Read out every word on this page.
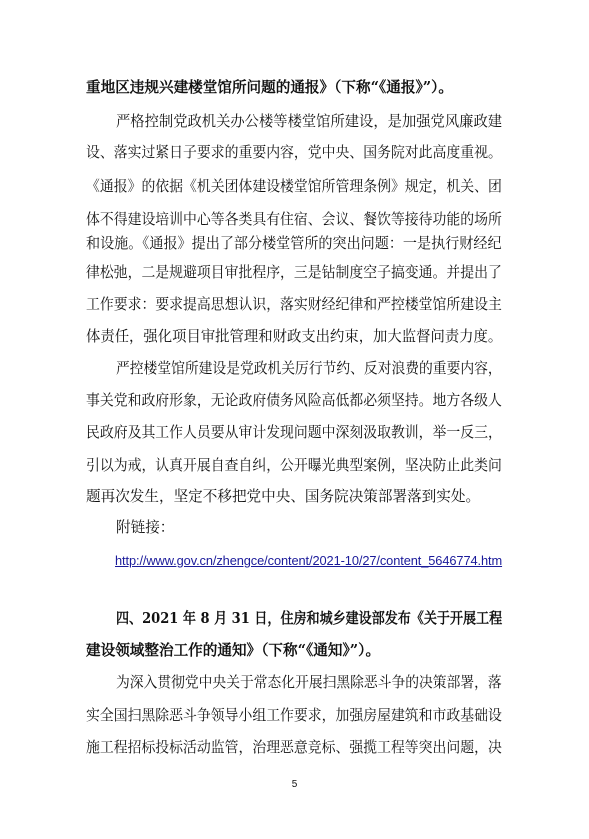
重地区违规兴建楼堂馆所问题的通报》（下称“《通报》”）。
严格控制党政机关办公楼等楼堂馆所建设，是加强党风廉政建
设、落实过紧日子要求的重要内容，党中央、国务院对此高度重视。
《通报》的依据《机关团体建设楼堂馆所管理条例》规定，机关、团
体不得建设培训中心等各类具有住宿、会议、餐饮等接待功能的场所
和设施。《通报》提出了部分楼堂管所的突出问题：一是执行财经纪
律松弛，二是规避项目审批程序，三是钻制度空子搞变通。并提出了
工作要求：要求提高思想认识，落实财经纪律和严控楼堂馆所建设主
体责任，强化项目审批管理和财政支出约束，加大监督问责力度。
严控楼堂馆所建设是党政机关厉行节约、反对浪费的重要内容，
事关党和政府形象，无论政府债务风险高低都必须坚持。地方各级人
民政府及其工作人员要从审计发现问题中深刻汲取教训，举一反三，
引以为戒，认真开展自查自纠，公开曝光典型案例，坚决防止此类问
题再次发生，坚定不移把党中央、国务院决策部署落到实处。
附链接：
http://www.gov.cn/zhengce/content/2021-10/27/content_5646774.htm
四、2021 年 8 月 31 日，住房和城乡建设部发布《关于开展工程
建设领域整治工作的通知》（下称“《通知》”）。
为深入贯彻党中央关于常态化开展扫黑除恶斗争的决策部署，落
实全国扫黑除恶斗争领导小组工作要求，加强房屋建筑和市政基础设
施工程招标投标活动监管，治理恶意竞标、强揽工程等突出问题，决
5
